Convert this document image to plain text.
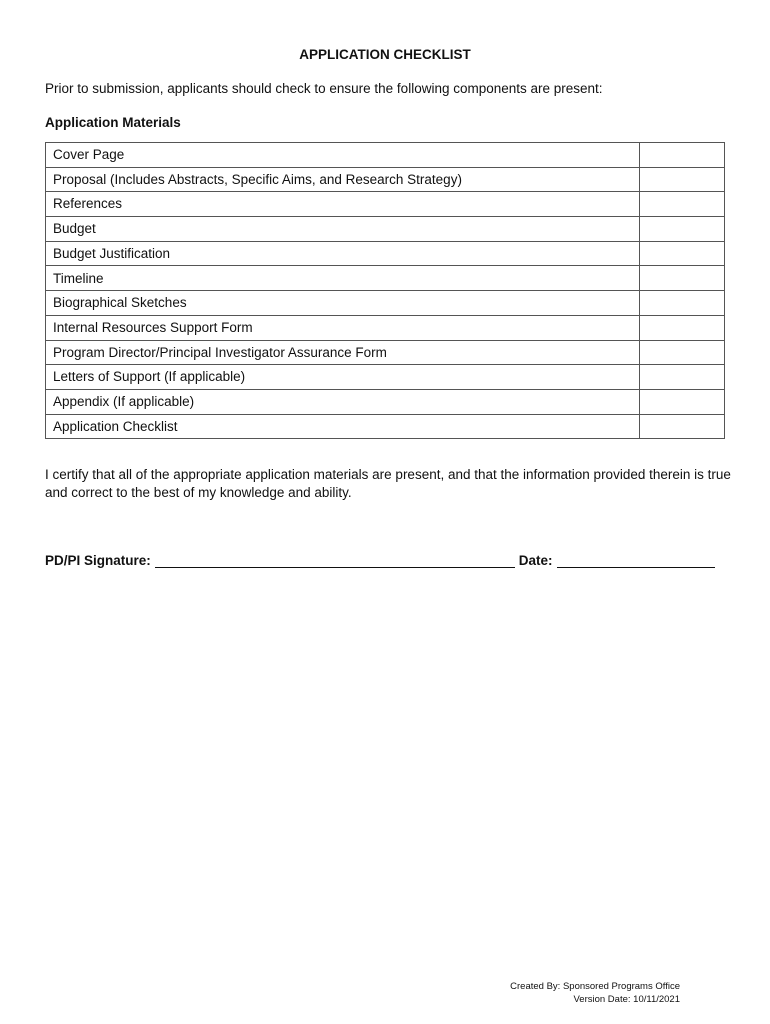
APPLICATION CHECKLIST
Prior to submission, applicants should check to ensure the following components are present:
Application Materials
Cover Page	
Proposal (Includes Abstracts, Specific Aims, and Research Strategy)	
References	
Budget	
Budget Justification	
Timeline	
Biographical Sketches	
Internal Resources Support Form	
Program Director/Principal Investigator Assurance Form	
Letters of Support (If applicable)	
Appendix (If applicable)	
Application Checklist	
I certify that all of the appropriate application materials are present, and that the information provided therein is true and correct to the best of my knowledge and ability.
PD/PI Signature:	Date:
Created By: Sponsored Programs Office
Version Date: 10/11/2021
